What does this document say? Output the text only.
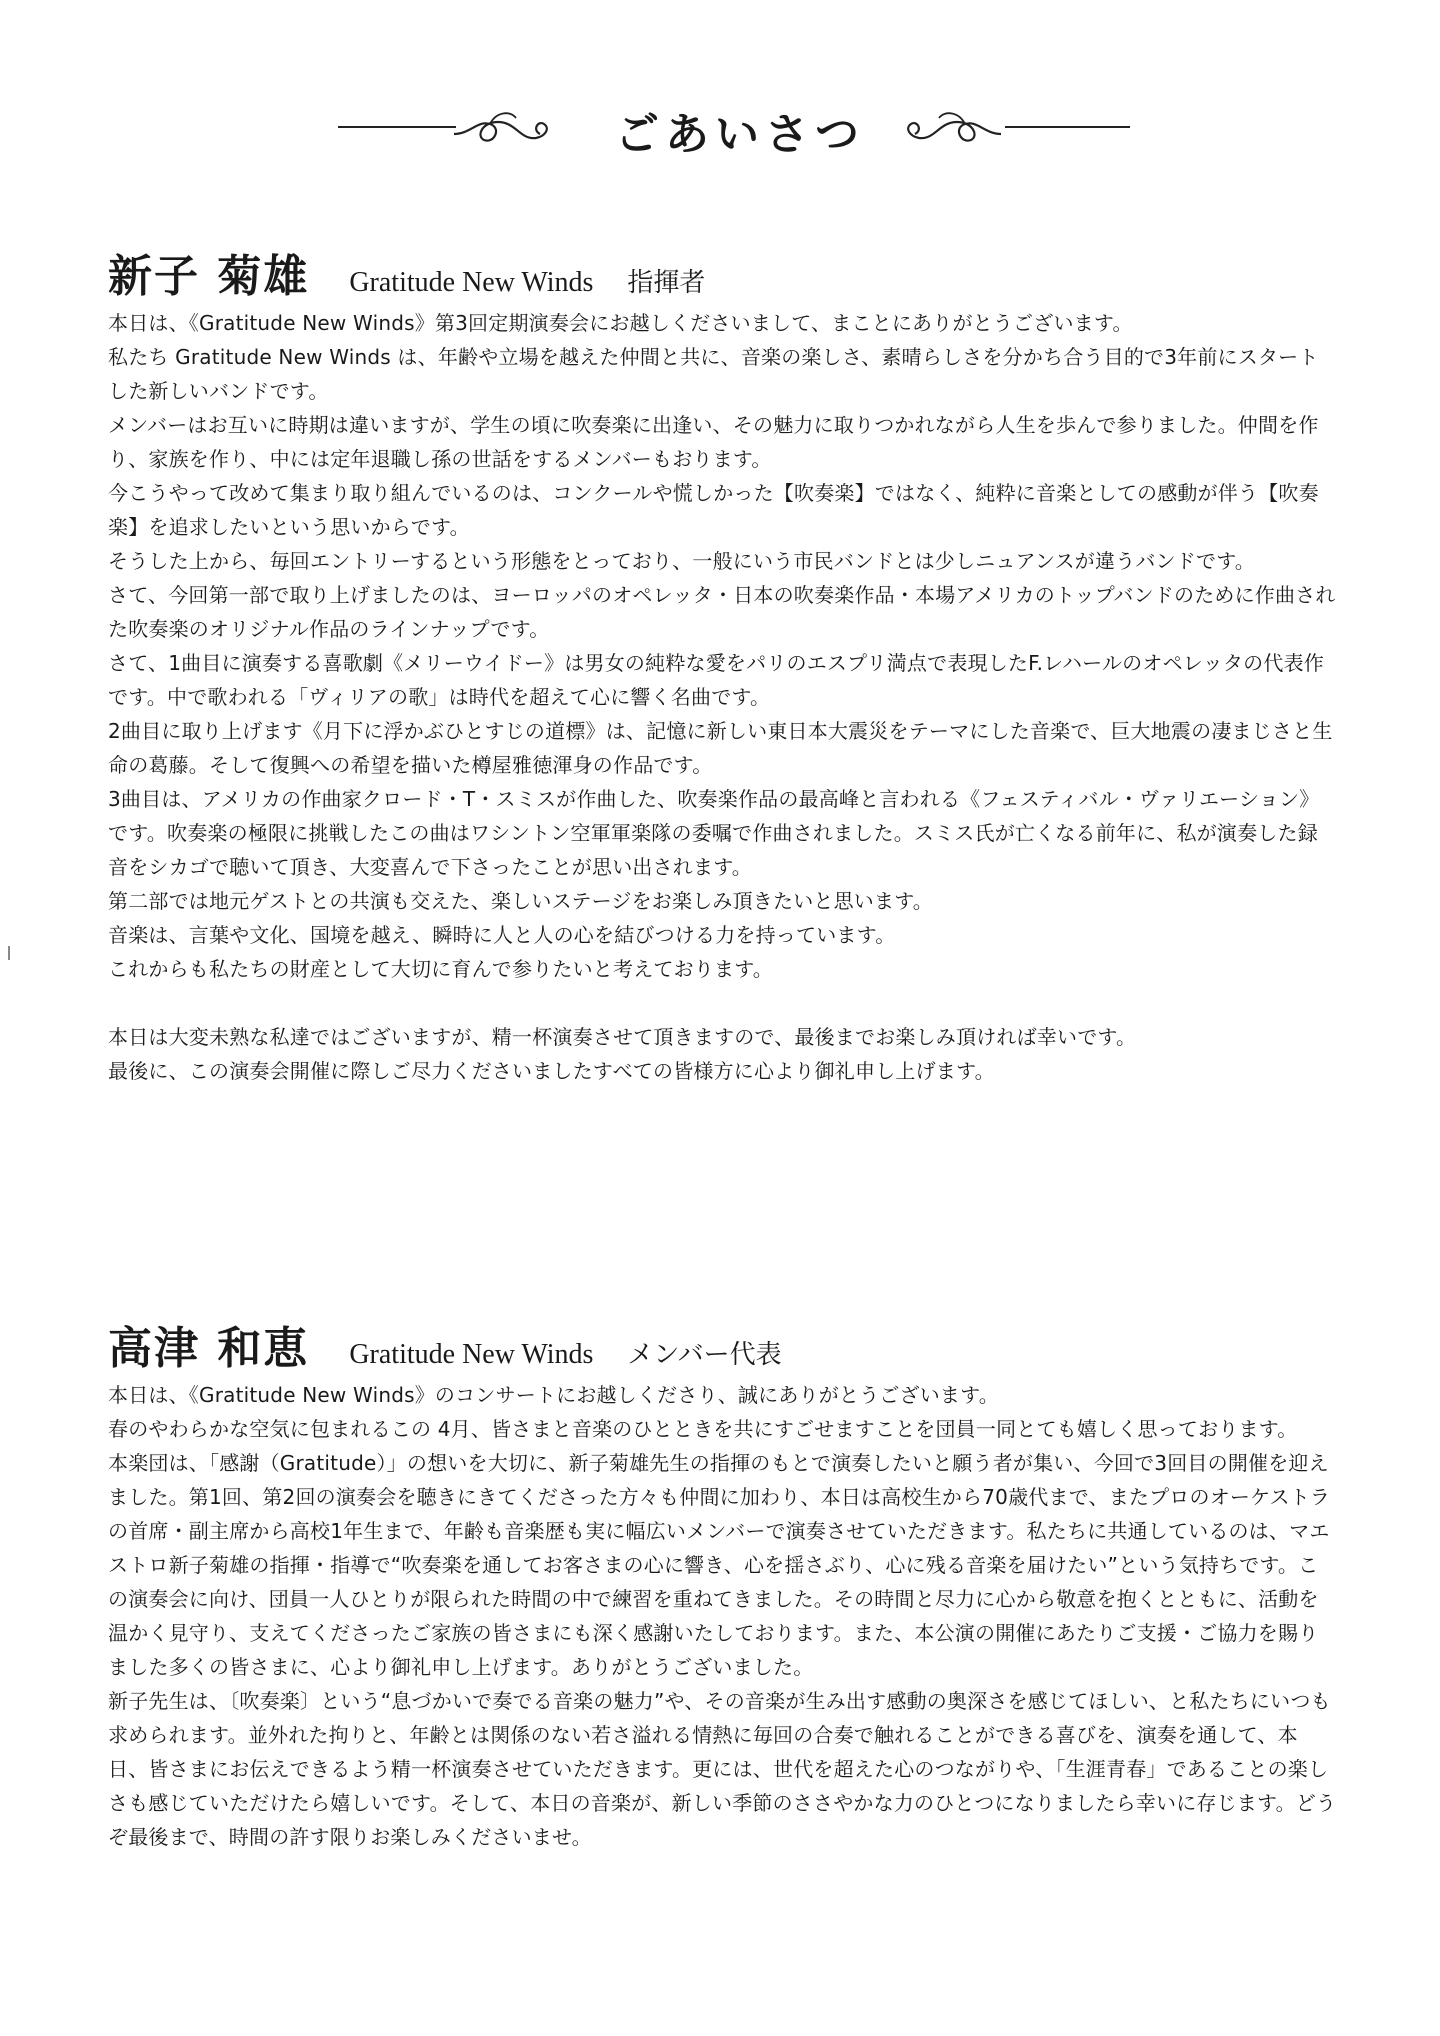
ごあいさつ
新子 菊雄 Gratitude New Winds 指揮者

本日は、《Gratitude New Winds》第3回定期演奏会にお越しくださいまして、まことにありがとうございます。

私たち Gratitude New Winds は、年齢や立場を越えた仲間と共に、音楽の楽しさ、素晴らしさを分かち合う目的で3年前にスタートした新しいバンドです。

メンバーはお互いに時期は違いますが、学生の頃に吹奏楽に出逢い、その魅力に取りつかれながら人生を歩んで参りました。仲間を作り、家族を作り、中には定年退職し孫の世話をするメンバーもおります。

今こうやって改めて集まり取り組んでいるのは、コンクールや慌しかった【吹奏楽】ではなく、純粋に音楽としての感動が伴う【吹奏楽】を追求したいという思いからです。

そうした上から、毎回エントリーするという形態をとっており、一般にいう市民バンドとは少しニュアンスが違うバンドです。

さて、今回第一部で取り上げましたのは、ヨーロッパのオペレッタ・日本の吹奏楽作品・本場アメリカのトップバンドのために作曲された吹奏楽のオリジナル作品のラインナップです。

さて、1曲目に演奏する喜歌劇《メリーウイドー》は男女の純粋な愛をパリのエスプリ満点で表現したF.レハールのオペレッタの代表作です。中で歌われる「ヴィリアの歌」は時代を超えて心に響く名曲です。

2曲目に取り上げます《月下に浮かぶひとすじの道標》は、記憶に新しい東日本大震災をテーマにした音楽で、巨大地震の凄まじさと生命の葛藤。そして復興への希望を描いた樽屋雅徳渾身の作品です。

3曲目は、アメリカの作曲家クロード・T・スミスが作曲した、吹奏楽作品の最高峰と言われる《フェスティバル・ヴァリエーション》です。吹奏楽の極限に挑戦したこの曲はワシントン空軍軍楽隊の委嘱で作曲されました。スミス氏が亡くなる前年に、私が演奏した録音をシカゴで聴いて頂き、大変喜んで下さったことが思い出されます。

第二部では地元ゲストとの共演も交えた、楽しいステージをお楽しみ頂きたいと思います。

音楽は、言葉や文化、国境を越え、瞬時に人と人の心を結びつける力を持っています。

これからも私たちの財産として大切に育んで参りたいと考えております。

本日は大変未熟な私達ではございますが、精一杯演奏させて頂きますので、最後までお楽しみ頂ければ幸いです。

最後に、この演奏会開催に際しご尽力くださいましたすべての皆様方に心より御礼申し上げます。

高津 和恵 Gratitude New Winds メンバー代表

本日は、《Gratitude New Winds》のコンサートにお越しくださり、誠にありがとうございます。

春のやわらかな空気に包まれるこの 4月、皆さまと音楽のひとときを共にすごせますことを団員一同とても嬉しく思っております。

本楽団は、「感謝（Gratitude）」の想いを大切に、新子菊雄先生の指揮のもとで演奏したいと願う者が集い、今回で3回目の開催を迎えました。第1回、第2回の演奏会を聴きにきてくださった方々も仲間に加わり、本日は高校生から70歳代まで、またプロのオーケストラの首席・副主席から高校1年生まで、年齢も音楽歴も実に幅広いメンバーで演奏させていただきます。私たちに共通しているのは、マエストロ新子菊雄の指揮・指導で“吹奏楽を通してお客さまの心に響き、心を揺さぶり、心に残る音楽を届けたい”という気持ちです。この演奏会に向け、団員一人ひとりが限られた時間の中で練習を重ねてきました。その時間と尽力に心から敬意を抱くとともに、活動を温かく見守り、支えてくださったご家族の皆さまにも深く感謝いたしております。また、本公演の開催にあたりご支援・ご協力を賜りました多くの皆さまに、心より御礼申し上げます。ありがとうございました。

新子先生は、〔吹奏楽〕という“息づかいで奏でる音楽の魅力”や、その音楽が生み出す感動の奥深さを感じてほしい、と私たちにいつも求められます。並外れた拘りと、年齢とは関係のない若さ溢れる情熱に毎回の合奏で触れることができる喜びを、演奏を通して、本日、皆さまにお伝えできるよう精一杯演奏させていただきます。更には、世代を超えた心のつながりや、「生涯青春」であることの楽しさも感じていただけたら嬉しいです。そして、本日の音楽が、新しい季節のささやかな力のひとつになりましたら幸いに存じます。どうぞ最後まで、時間の許す限りお楽しみくださいませ。
